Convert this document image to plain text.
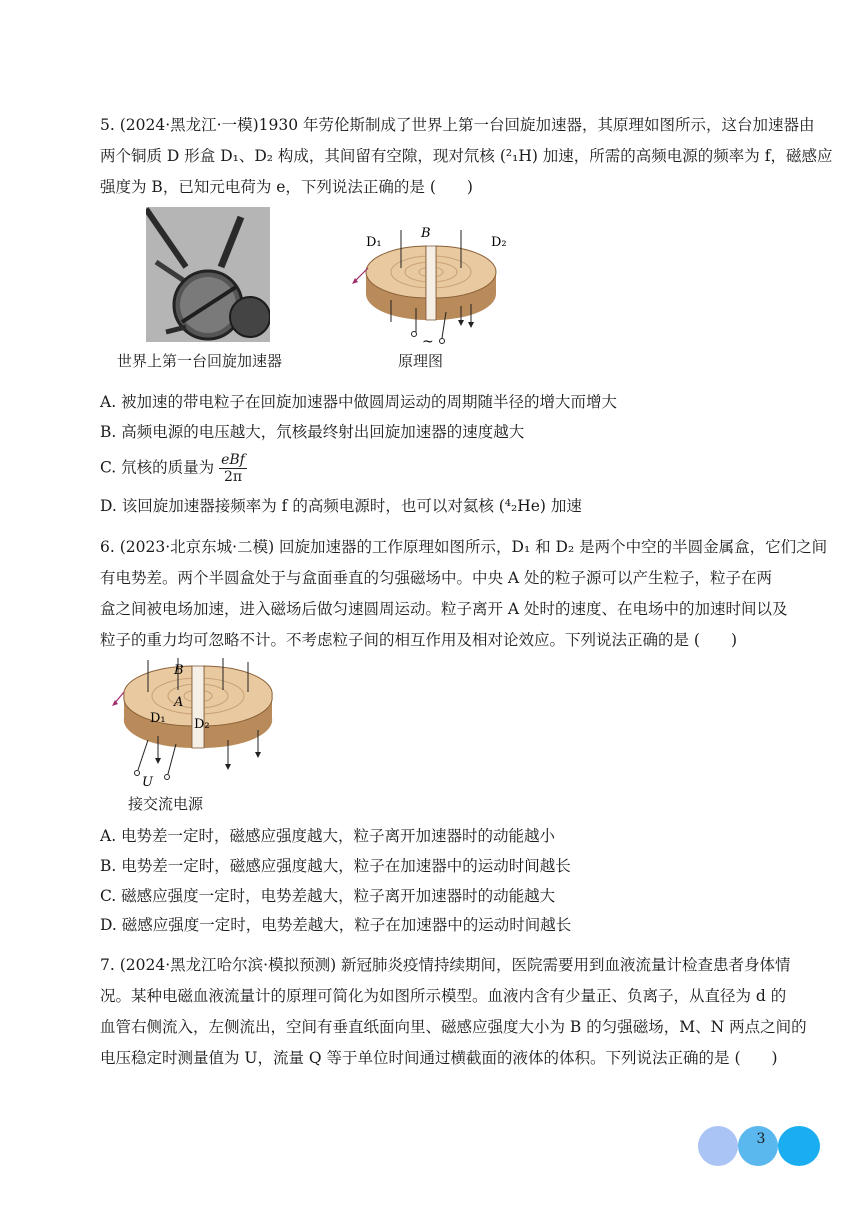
5. (2024·黑龙江·一模)1930 年劳伦斯制成了世界上第一台回旋加速器，其原理如图所示，这台加速器由
两个铜质 D 形盒 D₁、D₂ 构成，其间留有空隙，现对氘核 (²₁H) 加速，所需的高频电源的频率为 f，磁感应
强度为 B，已知元电荷为 e，下列说法正确的是 (　　)
世界上第一台回旋加速器
D₁
B
D₂
~
原理图
A. 被加速的带电粒子在回旋加速器中做圆周运动的周期随半径的增大而增大
B. 高频电源的电压越大，氘核最终射出回旋加速器的速度越大
C. 氘核的质量为 $\frac{\text{eBf}}{2\pi}$
D. 该回旋加速器接频率为 f 的高频电源时，也可以对氦核 (⁴₂He) 加速
6. (2023·北京东城·二模) 回旋加速器的工作原理如图所示，D₁ 和 D₂ 是两个中空的半圆金属盒，它们之间
有电势差。两个半圆盒处于与盒面垂直的匀强磁场中。中央 A 处的粒子源可以产生粒子，粒子在两
盒之间被电场加速，进入磁场后做匀速圆周运动。粒子离开 A 处时的速度、在电场中的加速时间以及
粒子的重力均可忽略不计。不考虑粒子间的相互作用及相对论效应。下列说法正确的是 (　　)
B
A
D₁ D₂
U
接交流电源
A. 电势差一定时，磁感应强度越大，粒子离开加速器时的动能越小
B. 电势差一定时，磁感应强度越大，粒子在加速器中的运动时间越长
C. 磁感应强度一定时，电势差越大，粒子离开加速器时的动能越大
D. 磁感应强度一定时，电势差越大，粒子在加速器中的运动时间越长
7. (2024·黑龙江哈尔滨·模拟预测) 新冠肺炎疫情持续期间，医院需要用到血液流量计检查患者身体情
况。某种电磁血液流量计的原理可简化为如图所示模型。血液内含有少量正、负离子，从直径为 d 的
血管右侧流入，左侧流出，空间有垂直纸面向里、磁感应强度大小为 B 的匀强磁场，M、N 两点之间的
电压稳定时测量值为 U，流量 Q 等于单位时间通过横截面的液体的体积。下列说法正确的是 (　　)
3
